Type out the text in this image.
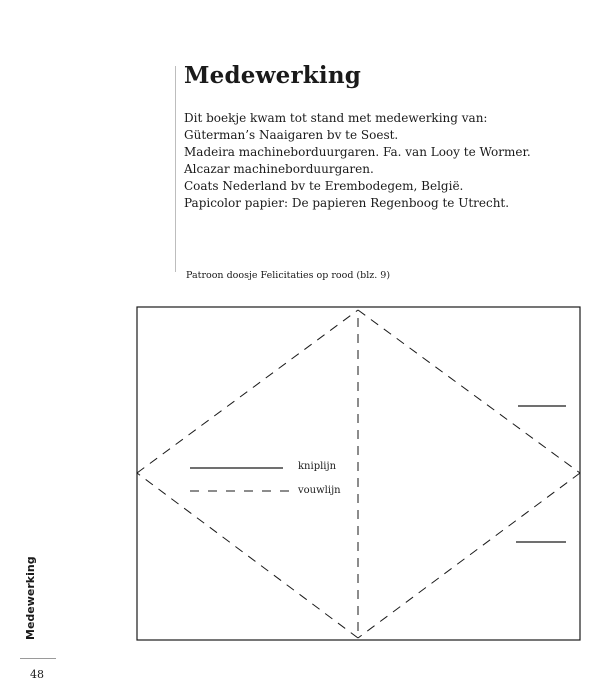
Medewerking
Dit boekje kwam tot stand met medewerking van:
Güterman’s Naaigaren bv te Soest.
Madeira machineborduurgaren. Fa. van Looy te Wormer.
Alcazar machineborduurgaren.
Coats Nederland bv te Erembodegem, België.
Papicolor papier: De papieren Regenboog te Utrecht.
Patroon doosje Felicitaties op rood (blz. 9)
kniplijn
vouwlijn
Medewerking
48
